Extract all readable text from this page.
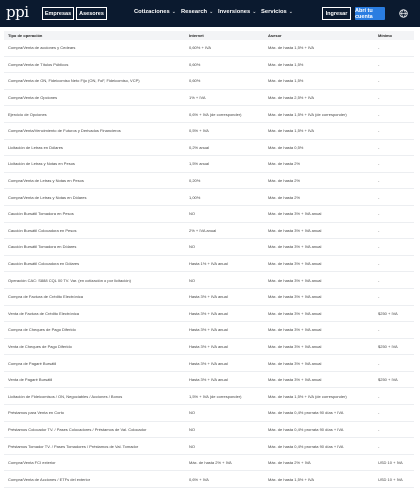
ppi	Empresas	Asesores	Cotizaciones ⌄ Research ⌄ Inversiones ⌄ Servicios ⌄	Ingresar	Abrí tu cuenta
Tipo de operación	Internet	Asesor	Mínimo
Compra/Venta de acciones y Cedears	0,60% + IVA	Máx. de hasta 1,5% + IVA	-
Compra/Venta de Títulos Públicos	0,60%	Máx. de hasta 1,5%	-
Compra/Venta de ON, Fideicomiso Neto Fijo (ON, FoF, Fideicomiso, VCP)	0,60%	Máx. de hasta 1,5%	-
Compra/Venta de Opciones	1% + IVA	Máx. de hasta 2,5% + IVA	-
Ejercicio de Opciones	0,6% + IVA (de corresponder)	Máx. de hasta 1,5% + IVA (de corresponder)	-
Compra/Venta/Vencimiento de Futuros y Derivados Financieros	0,5% + IVA	Máx. de hasta 1,5% + IVA	-
Licitación de Letras en Dólares	0,2% anual	Máx. de hasta 0,5%	-
Licitación de Letras y Notas en Pesos	1,5% anual	Máx. de hasta 2%	-
Compra/Venta de Letras y Notas en Pesos	0,20%	Máx. de hasta 2%	-
Compra/Venta de Letras y Notas en Dólares	1,00%	Máx. de hasta 2%	-
Caución Bursátil Tomadora en Pesos	NO	Máx. de hasta 3% + IVA anual	-
Caución Bursátil Colocadora en Pesos	2% + IVA anual	Máx. de hasta 3% + IVA anual	-
Caución Bursátil Tomadora en Dólares	NO	Máx. de hasta 3% + IVA anual	-
Caución Bursátil Colocadora en Dólares	Hasta 1% + IVA anual	Máx. de hasta 3% + IVA anual	-
Operación CAC: S888 CQL 00 TV. Var. (en cotización o por licitación)	NO	Máx. de hasta 3% + IVA anual	-
Compra de Factura de Crédito Electrónica	Hasta 3% + IVA anual	Máx. de hasta 3% + IVA anual	-
Venta de Factura de Crédito Electrónica	Hasta 3% + IVA anual	Máx. de hasta 3% + IVA anual	$250 + IVA
Compra de Cheques de Pago Diferido	Hasta 3% + IVA anual	Máx. de hasta 3% + IVA anual	-
Venta de Cheques de Pago Diferido	Hasta 3% + IVA anual	Máx. de hasta 3% + IVA anual	$250 + IVA
Compra de Pagaré Bursátil	Hasta 3% + IVA anual	Máx. de hasta 3% + IVA anual	-
Venta de Pagaré Bursátil	Hasta 3% + IVA anual	Máx. de hasta 3% + IVA anual	$250 + IVA
Licitación de Fideicomisos / ON, Negociables / Acciones / Bonos	1,5% + IVA (de corresponder)	Máx. de hasta 1,5% + IVA (de corresponder)	-
Préstamos para Venta en Corto	NO	Máx. de hasta 0,4% prorrata 90 días + IVA	-
Préstamos Colocador TV. / Pases Colocadores / Préstamos de Val. Colocador	NO	Máx. de hasta 0,4% prorrata 90 días + IVA	-
Préstamos Tomador TV. / Pases Tomadores / Préstamos de Val. Tomador	NO	Máx. de hasta 0,4% prorrata 90 días + IVA	-
Compra/Venta FCI exterior	Máx. de hasta 2% + IVA	Máx. de hasta 2% + IVA	USD 10 + IVA
Compra/Venta de Acciones / ETFs del exterior	0,6% + IVA	Máx. de hasta 1,5% + IVA	USD 10 + IVA
